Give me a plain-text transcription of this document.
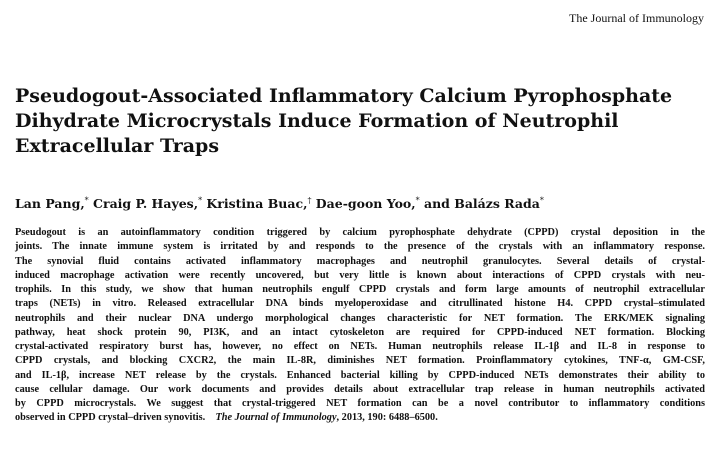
The Journal of Immunology
Pseudogout-Associated Inflammatory Calcium Pyrophosphate
Dihydrate Microcrystals Induce Formation of Neutrophil
Extracellular Traps
Lan Pang,* Craig P. Hayes,* Kristina Buac,† Dae-goon Yoo,* and Balázs Rada*

Pseudogout is an autoinflammatory condition triggered by calcium pyrophosphate dehydrate (CPPD) crystal deposition in the
joints. The innate immune system is irritated by and responds to the presence of the crystals with an inflammatory response.
The synovial fluid contains activated inflammatory macrophages and neutrophil granulocytes. Several details of crystal-
induced macrophage activation were recently uncovered, but very little is known about interactions of CPPD crystals with neu-
trophils. In this study, we show that human neutrophils engulf CPPD crystals and form large amounts of neutrophil extracellular
traps (NETs) in vitro. Released extracellular DNA binds myeloperoxidase and citrullinated histone H4. CPPD crystal–stimulated
neutrophils and their nuclear DNA undergo morphological changes characteristic for NET formation. The ERK/MEK signaling
pathway, heat shock protein 90, PI3K, and an intact cytoskeleton are required for CPPD-induced NET formation. Blocking
crystal-activated respiratory burst has, however, no effect on NETs. Human neutrophils release IL-1β and IL-8 in response to
CPPD crystals, and blocking CXCR2, the main IL-8R, diminishes NET formation. Proinflammatory cytokines, TNF-α, GM-CSF,
and IL-1β, increase NET release by the crystals. Enhanced bacterial killing by CPPD-induced NETs demonstrates their ability to
cause cellular damage. Our work documents and provides details about extracellular trap release in human neutrophils activated
by CPPD microcrystals. We suggest that crystal-triggered NET formation can be a novel contributor to inflammatory conditions
observed in CPPD crystal–driven synovitis. The Journal of Immunology, 2013, 190: 6488–6500.
